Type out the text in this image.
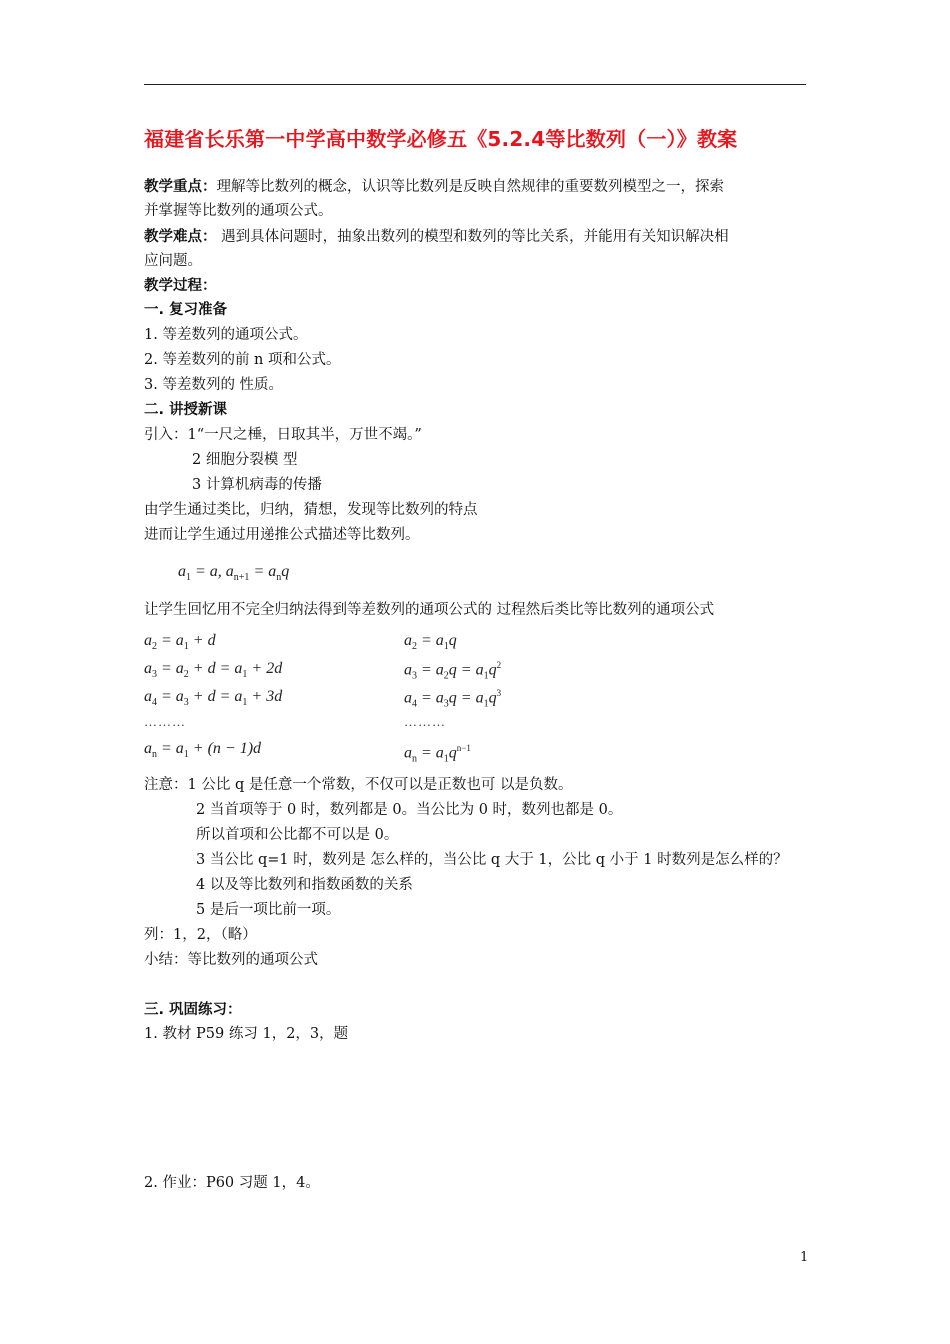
福建省长乐第一中学高中数学必修五《5.2.4等比数列（一）》教案
教学重点：理解等比数列的概念，认识等比数列是反映自然规律的重要数列模型之一，探索
并掌握等比数列的通项公式。
教学难点： 遇到具体问题时，抽象出数列的模型和数列的等比关系，并能用有关知识解决相
应问题。
教学过程：
一. 复习准备
1. 等差数列的通项公式。
2. 等差数列的前 n 项和公式。
3. 等差数列的 性质。
二. 讲授新课
引入：1“一尺之棰，日取其半，万世不竭。”
2 细胞分裂模 型
3 计算机病毒的传播
由学生通过类比，归纳，猜想，发现等比数列的特点
进而让学生通过用递推公式描述等比数列。
$a_1 = a$, $a_{n+1} = a_nq$
让学生回忆用不完全归纳法得到等差数列的通项公式的 过程然后类比等比数列的通项公式
$a_2 = a_1 + d$
$a_3 = a_2 + d = a_1 + 2d$
$a_4 = a_3 + d = a_1 + 3d$
………
$a_n = a_1 + (n - 1)d$
$a_2 = a_1q$
$a_3 = a_2q = a_1q^2$
$a_4 = a_3q = a_1q^3$
………
$a_n = a_1q^{n-1}$
注意：1 公比 q 是任意一个常数，不仅可以是正数也可 以是负数。
2 当首项等于 0 时，数列都是 0。当公比为 0 时，数列也都是 0。
所以首项和公比都不可以是 0。
3 当公比 q=1 时，数列是 怎么样的，当公比 q 大于 1，公比 q 小于 1 时数列是怎么样的？
4 以及等比数列和指数函数的关系
5 是后一项比前一项。
列：1，2，（略）
小结：等比数列的通项公式
三. 巩固练习：
1. 教材 P59 练习 1，2，3，题
2. 作业：P60 习题 1，4。
1
